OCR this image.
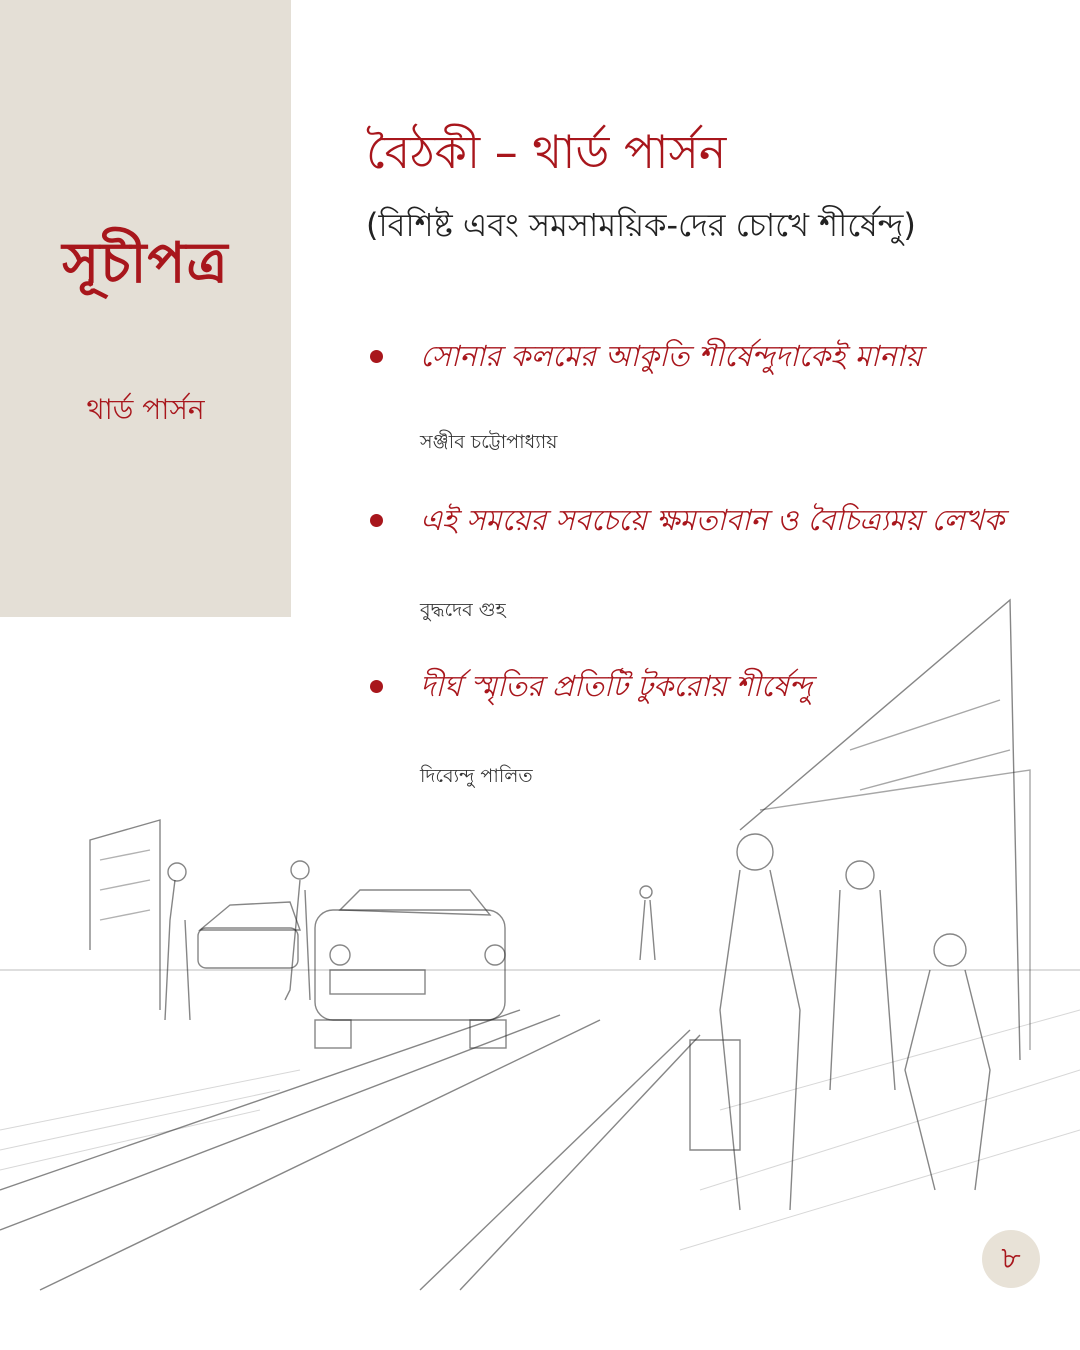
সূচীপত্র
থার্ড পার্সন
বৈঠকী – থার্ড পার্সন
(বিশিষ্ট এবং সমসাময়িক-দের চোখে শীর্ষেন্দু)
সোনার কলমের আকুতি শীর্ষেন্দুদাকেই মানায়
সঞ্জীব চট্টোপাধ্যায়
এই সময়ের সবচেয়ে ক্ষমতাবান ও বৈচিত্র্যময় লেখক
বুদ্ধদেব গুহ
দীর্ঘ স্মৃতির প্রতিটি টুকরোয় শীর্ষেন্দু
দিব্যেন্দু পালিত
৮
